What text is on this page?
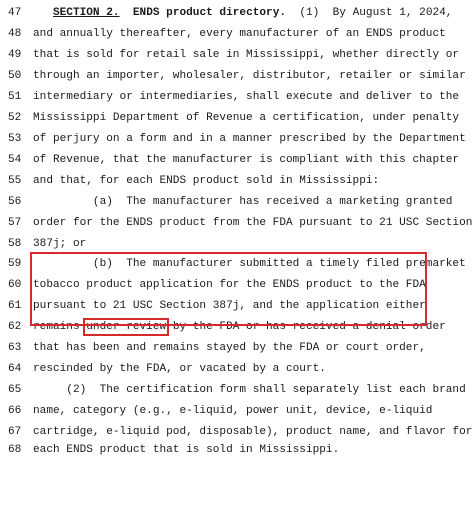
47

	SECTION 2. ENDS product directory. (1)  By August 1, 2024,

48

	and annually thereafter, every manufacturer of an ENDS product

49

	that is sold for retail sale in Mississippi, whether directly or

50

	through an importer, wholesaler, distributor, retailer or similar

51

	intermediary or intermediaries, shall execute and deliver to the

52

	Mississippi Department of Revenue a certification, under penalty

53

	of perjury on a form and in a manner prescribed by the Department

54

	of Revenue, that the manufacturer is compliant with this chapter

55

	and that, for each ENDS product sold in Mississippi:

56

	(a)  The manufacturer has received a marketing granted

57

	order for the ENDS product from the FDA pursuant to 21 USC Section

58

	387j; or

59

	(b)  The manufacturer submitted a timely filed premarket

60

	tobacco product application for the ENDS product to the FDA

61

	pursuant to 21 USC Section 387j, and the application either

62

	remains under review by the FDA or has received a denial order

63

	that has been and remains stayed by the FDA or court order,

64

	rescinded by the FDA, or vacated by a court.

65

	(2)  The certification form shall separately list each brand

66

	name, category (e.g., e-liquid, power unit, device, e-liquid

67

	cartridge, e-liquid pod, disposable), product name, and flavor for

68

	each ENDS product that is sold in Mississippi.
